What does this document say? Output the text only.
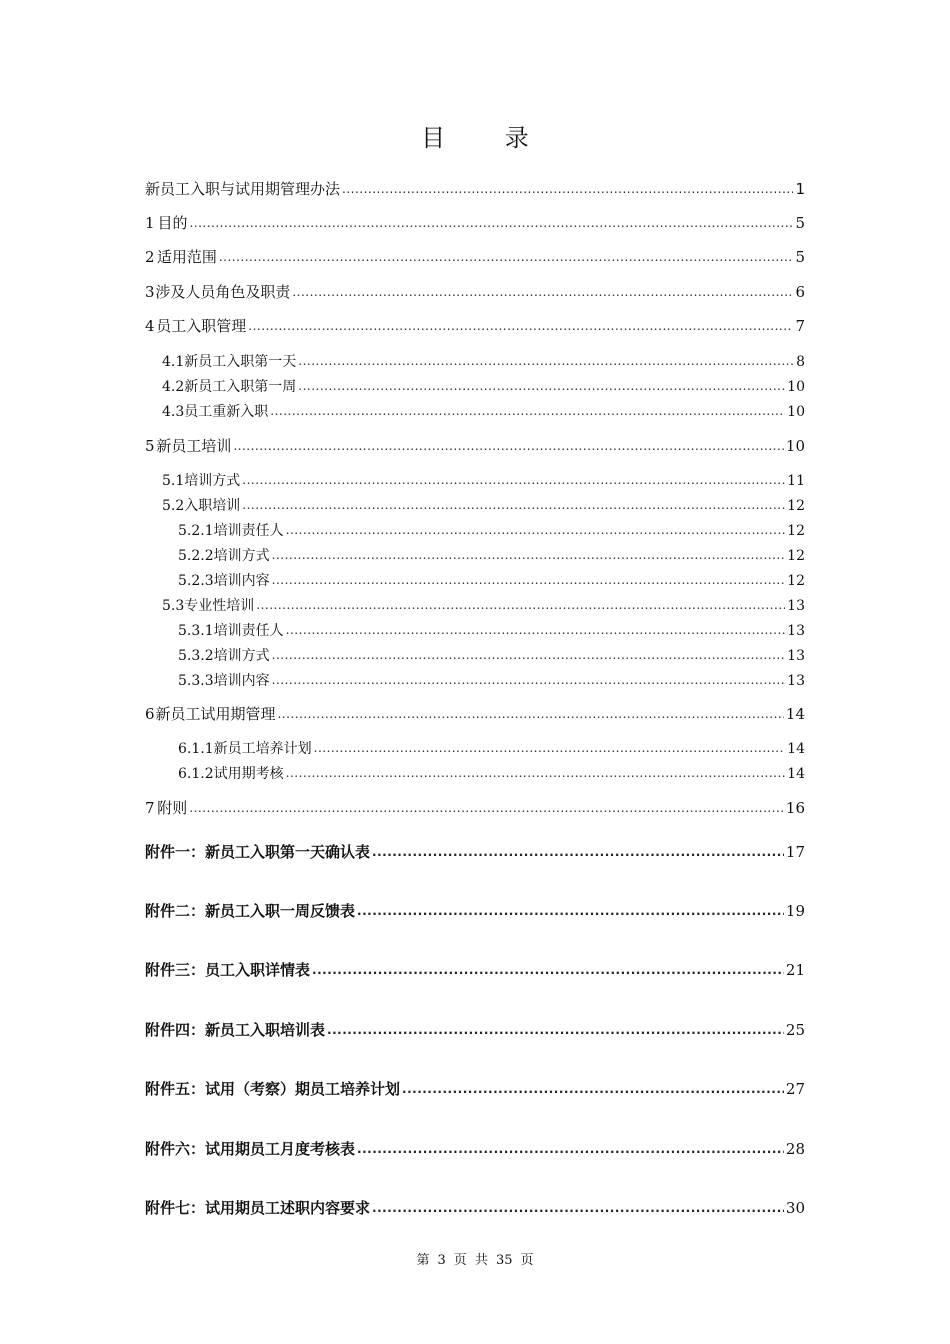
目 录
新员工入职与试用期管理办法 .....	1
1 目的 .....	5
2 适用范围 .....	5
3 涉及人员角色及职责 .....	6
4 员工入职管理 .....	7
4.1 新员工入职第一天 .....	8
4.2 新员工入职第一周 .....	10
4.3 员工重新入职 .....	10
5 新员工培训 .....	10
5.1 培训方式 .....	11
5.2 入职培训 .....	12
5.2.1 培训责任人 .....	12
5.2.2 培训方式 .....	12
5.2.3 培训内容 .....	12
5.3 专业性培训 .....	13
5.3.1 培训责任人 .....	13
5.3.2 培训方式 .....	13
5.3.3 培训内容 .....	13
6 新员工试用期管理 .....	14
6.1.1 新员工培养计划 .....	14
6.1.2 试用期考核 .....	14
7 附则 .....	16
附件一：新员工入职第一天确认表 .....	17
附件二：新员工入职一周反馈表 .....	19
附件三：员工入职详情表 .....	21
附件四：新员工入职培训表 .....	25
附件五：试用（考察）期员工培养计划 .....	27
附件六：试用期员工月度考核表 .....	28
附件七：试用期员工述职内容要求 .....	30
第 3 页 共 35 页
